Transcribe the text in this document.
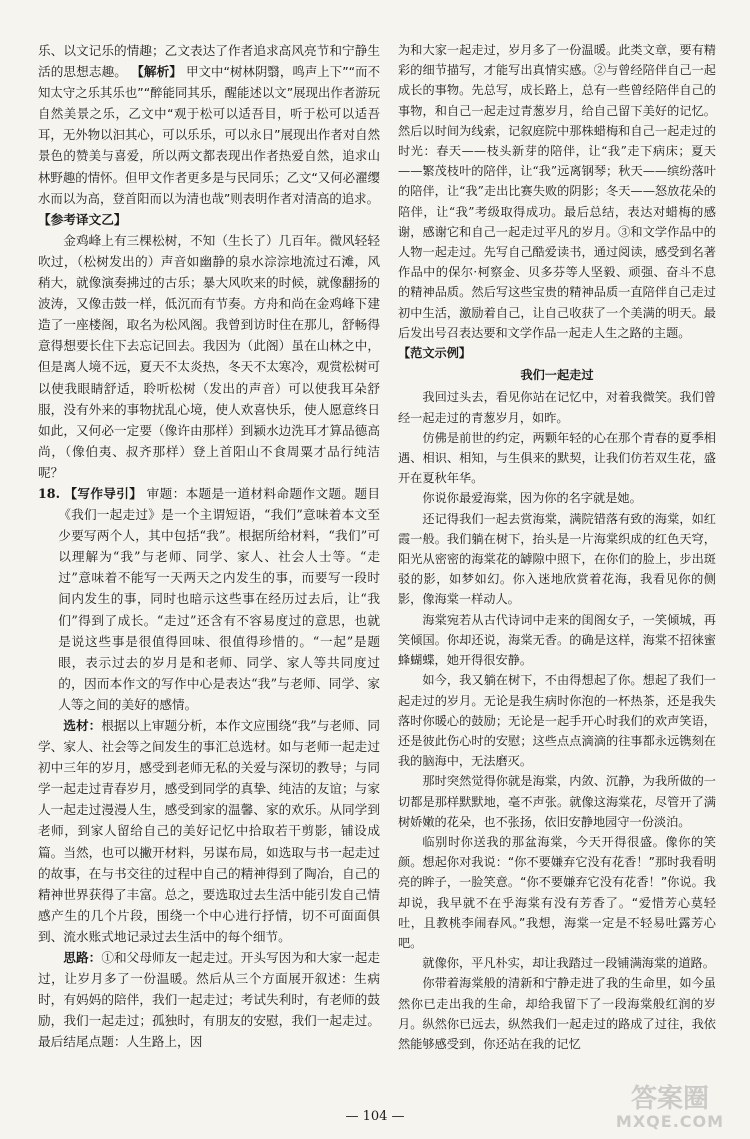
乐、以文记乐的情趣；乙文表达了作者追求高风亮节和宁静生活的思想志趣。 【解析】 甲文中“树林阴翳，鸣声上下”“而不知太守之乐其乐也”“醉能同其乐，醒能述以文”展现出作者游玩自然美景之乐，乙文中“观于松可以适吾目，听于松可以适吾耳，无外物以汩其心，可以乐乐，可以永日”展现出作者对自然景色的赞美与喜爱，所以两文都表现出作者热爱自然，追求山林野趣的情怀。但甲文作者更多是与民同乐；乙文“又何必濯缨水而以为高，登首阳而以为清也哉”则表明作者对清高的追求。

【参考译文乙】

金鸡峰上有三棵松树，不知（生长了）几百年。微风轻轻吹过，（松树发出的）声音如幽静的泉水淙淙地流过石滩，风稍大，就像演奏拂过的古乐；暴大风吹来的时候，就像翻扬的波涛，又像击鼓一样，低沉而有节奏。方舟和尚在金鸡峰下建造了一座楼阁，取名为松风阁。我曾到访时住在那儿，舒畅得意得想要长住下去忘记回去。我因为（此阁）虽在山林之中，但是离人境不远，夏天不太炎热，冬天不太寒冷，观赏松树可以使我眼睛舒适，聆听松树（发出的声音）可以使我耳朵舒服，没有外来的事物扰乱心境，使人欢喜快乐，使人愿意终日如此，又何必一定要（像许由那样）到颍水边洗耳才算品德高尚，（像伯夷、叔齐那样）登上首阳山不食周粟才品行纯洁呢？

18. 【写作导引】 审题：本题是一道材料命题作文题。题目《我们一起走过》是一个主谓短语，“我们”意味着本文至少要写两个人，其中包括“我”。根据所给材料，“我们”可以理解为“我”与老师、同学、家人、社会人士等。“走过”意味着不能写一天两天之内发生的事，而要写一段时间内发生的事，同时也暗示这些事在经历过去后，让“我们”得到了成长。“走过”还含有不容易度过的意思，也就是说这些事是很值得回味、很值得珍惜的。“一起”是题眼，表示过去的岁月是和老师、同学、家人等共同度过的，因而本作文的写作中心是表达“我”与老师、同学、家人等之间的美好的感情。

选材：根据以上审题分析，本作文应围绕“我”与老师、同学、家人、社会等之间发生的事汇总选材。如与老师一起走过初中三年的岁月，感受到老师无私的关爱与深切的教导；与同学一起走过青春岁月，感受到同学的真挚、纯洁的友谊；与家人一起走过漫漫人生，感受到家的温馨、家的欢乐。从同学到老师，到家人留给自己的美好记忆中拾取若干剪影，铺设成篇。当然，也可以撇开材料，另谋布局，如选取与书一起走过的故事，在与书交往的过程中自己的精神得到了陶冶，自己的精神世界获得了丰富。总之，要选取过去生活中能引发自己情感产生的几个片段，围绕一个中心进行抒情，切不可面面俱到、流水账式地记录过去生活中的每个细节。

思路：①和父母师友一起走过。开头写因为和大家一起走过，让岁月多了一份温暖。然后从三个方面展开叙述：生病时，有妈妈的陪伴，我们一起走过；考试失利时，有老师的鼓励，我们一起走过；孤独时，有朋友的安慰，我们一起走过。最后结尾点题：人生路上，因

为和大家一起走过，岁月多了一份温暖。此类文章，要有精彩的细节描写，才能写出真情实感。②与曾经陪伴自己一起成长的事物。先总写，成长路上，总有一些曾经陪伴自己的事物，和自己一起走过青葱岁月，给自己留下美好的记忆。然后以时间为线索，记叙庭院中那株蜡梅和自己一起走过的时光：春天——枝头新芽的陪伴，让“我”走下病床；夏天——繁茂枝叶的陪伴，让“我”远离钢琴；秋天——缤纷落叶的陪伴，让“我”走出比赛失败的阴影；冬天——怒放花朵的陪伴，让“我”考级取得成功。最后总结，表达对蜡梅的感谢，感谢它和自己一起走过平凡的岁月。③和文学作品中的人物一起走过。先写自己酷爱读书，通过阅读，感受到名著作品中的保尔·柯察金、贝多芬等人坚毅、顽强、奋斗不息的精神品质。然后写这些宝贵的精神品质一直陪伴自己走过初中生活，激励着自己，让自己收获了一个美满的明天。最后发出号召表达要和文学作品一起走人生之路的主题。

【范文示例】

我们一起走过

我回过头去，看见你站在记忆中，对着我微笑。我们曾经一起走过的青葱岁月，如昨。

仿佛是前世的约定，两颗年轻的心在那个青春的夏季相遇、相识、相知，与生俱来的默契，让我们仿若双生花，盛开在夏秋年华。

你说你最爱海棠，因为你的名字就是她。

还记得我们一起去赏海棠，满院错落有致的海棠，如红霞一般。我们躺在树下，抬头是一片海棠织成的红色天穹，阳光从密密的海棠花的罅隙中照下，在你们的脸上，步出斑驳的影，如梦如幻。你入迷地欣赏着花海，我看见你的侧影，像海棠一样动人。

海棠宛若从古代诗词中走来的闺阁女子，一笑倾城，再笑倾国。你却还说，海棠无香。的确是这样，海棠不招徕蜜蜂蝴蝶，她开得很安静。

如今，我又躺在树下，不由得想起了你。想起了我们一起走过的岁月。无论是我生病时你泡的一杯热茶，还是我失落时你暖心的鼓励；无论是一起手开心时我们的欢声笑语，还是彼此伤心时的安慰；这些点点滴滴的往事都永远镌刻在我的脑海中，无法磨灭。

那时突然觉得你就是海棠，内敛、沉静，为我所做的一切都是那样默默地，毫不声张。就像这海棠花，尽管开了满树娇嫩的花朵，也不张扬，依旧安静地园守一份淡泊。

临别时你送我的那盆海棠，今天开得很盛。像你的笑颜。想起你对我说：“你不要嫌弃它没有花香！”那时我看明亮的眸子，一脸笑意。“你不要嫌弃它没有花香！”你说。我却说，我早就不在乎海棠有没有芳香了。“爱惜芳心莫轻吐，且教桃李闹春风。”我想，海棠一定是不轻易吐露芳心吧。

就像你，平凡朴实，却让我踏过一段铺满海棠的道路。

你带着海棠般的清新和宁静走进了我的生命里，如今虽然你已走出我的生命，却给我留下了一段海棠般红润的岁月。纵然你已远去，纵然我们一起走过的路成了过往，我依然能够感受到，你还站在我的记忆

— 104 —
答案圈
MXQE.COM
